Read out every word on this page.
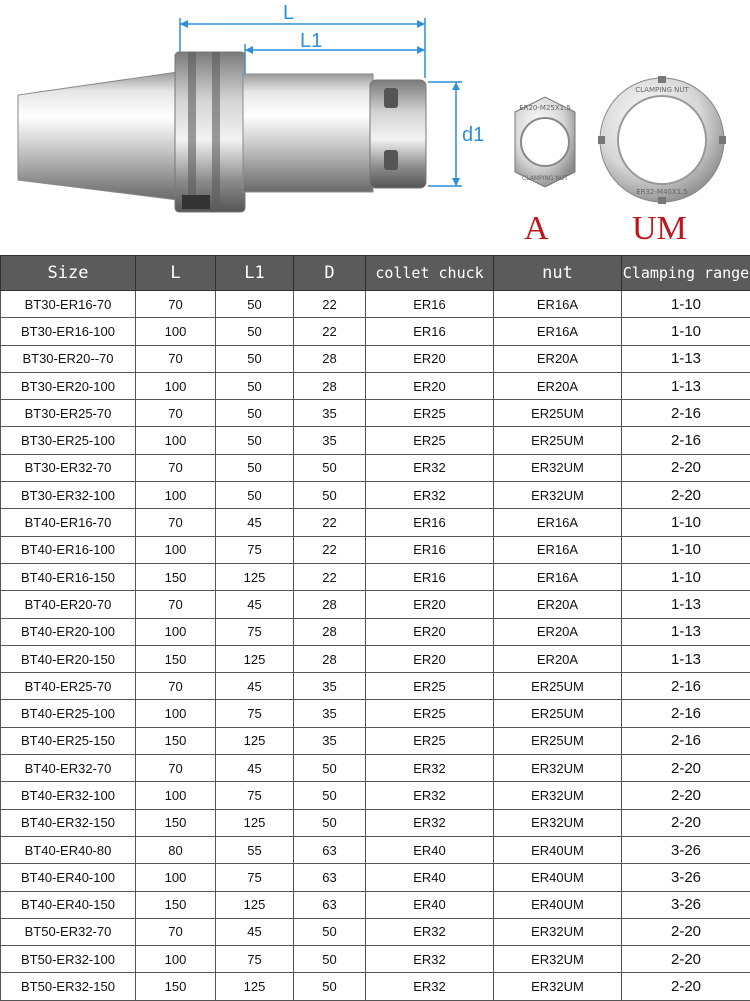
ER20-M25X1.5
CLAMPING NUT
CLAMPING NUT
ER32-M40X1.5
L
L1
d1
A UM
Size	L	L1	D	collet chuck	nut	Clamping range
BT30-ER16-70	70	50	22	ER16	ER16A	1-10
BT30-ER16-100	100	50	22	ER16	ER16A	1-10
BT30-ER20--70	70	50	28	ER20	ER20A	1-13
BT30-ER20-100	100	50	28	ER20	ER20A	1-13
BT30-ER25-70	70	50	35	ER25	ER25UM	2-16
BT30-ER25-100	100	50	35	ER25	ER25UM	2-16
BT30-ER32-70	70	50	50	ER32	ER32UM	2-20
BT30-ER32-100	100	50	50	ER32	ER32UM	2-20
BT40-ER16-70	70	45	22	ER16	ER16A	1-10
BT40-ER16-100	100	75	22	ER16	ER16A	1-10
BT40-ER16-150	150	125	22	ER16	ER16A	1-10
BT40-ER20-70	70	45	28	ER20	ER20A	1-13
BT40-ER20-100	100	75	28	ER20	ER20A	1-13
BT40-ER20-150	150	125	28	ER20	ER20A	1-13
BT40-ER25-70	70	45	35	ER25	ER25UM	2-16
BT40-ER25-100	100	75	35	ER25	ER25UM	2-16
BT40-ER25-150	150	125	35	ER25	ER25UM	2-16
BT40-ER32-70	70	45	50	ER32	ER32UM	2-20
BT40-ER32-100	100	75	50	ER32	ER32UM	2-20
BT40-ER32-150	150	125	50	ER32	ER32UM	2-20
BT40-ER40-80	80	55	63	ER40	ER40UM	3-26
BT40-ER40-100	100	75	63	ER40	ER40UM	3-26
BT40-ER40-150	150	125	63	ER40	ER40UM	3-26
BT50-ER32-70	70	45	50	ER32	ER32UM	2-20
BT50-ER32-100	100	75	50	ER32	ER32UM	2-20
BT50-ER32-150	150	125	50	ER32	ER32UM	2-20
